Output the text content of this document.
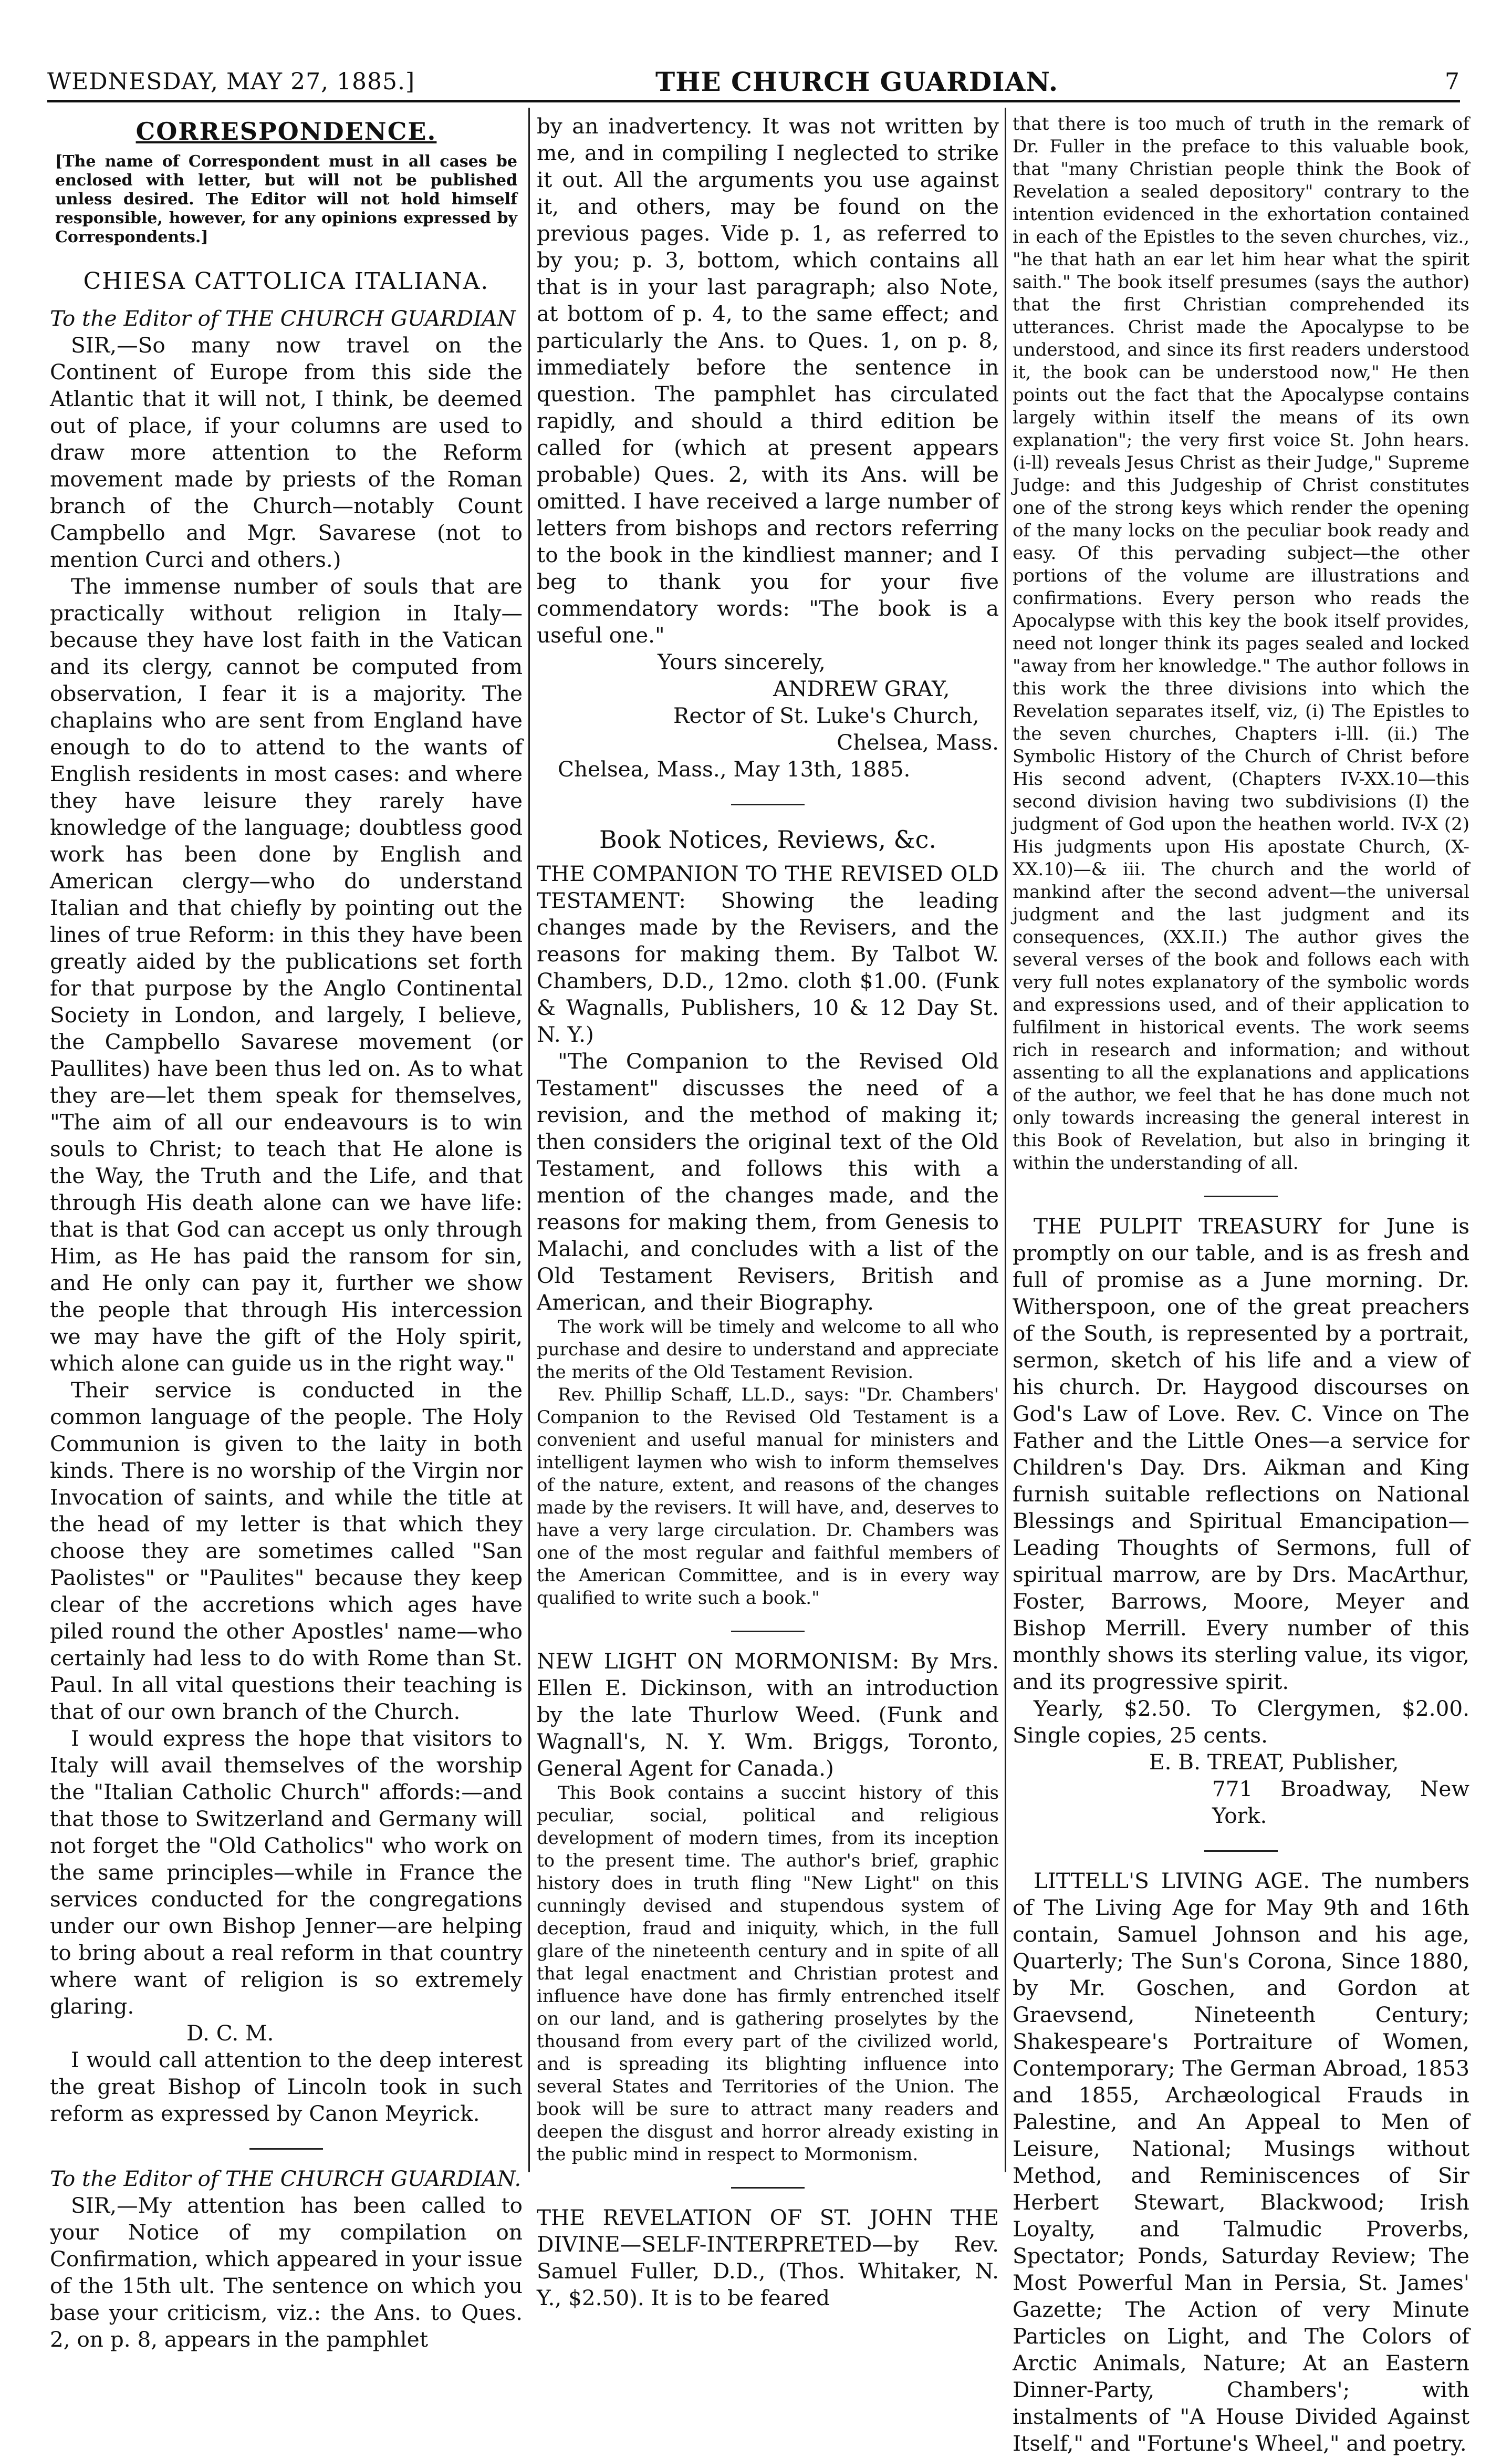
WEDNESDAY, MAY 27, 1885.]	THE CHURCH GUARDIAN.	7

CORRESPONDENCE.

[The name of Correspondent must in all cases be enclosed with letter, but will not be published unless desired. The Editor will not hold himself responsible, however, for any opinions expressed by Correspondents.]

CHIESA CATTOLICA ITALIANA.

To the Editor of THE CHURCH GUARDIAN

SIR,—So many now travel on the Continent of Europe from this side the Atlantic that it will not, I think, be deemed out of place, if your columns are used to draw more attention to the Reform movement made by priests of the Roman branch of the Church—notably Count Campbello and Mgr. Savarese (not to mention Curci and others.)

The immense number of souls that are practically without religion in Italy—because they have lost faith in the Vatican and its clergy, cannot be computed from observation, I fear it is a majority. The chaplains who are sent from England have enough to do to attend to the wants of English residents in most cases: and where they have leisure they rarely have knowledge of the language; doubtless good work has been done by English and American clergy—who do understand Italian and that chiefly by pointing out the lines of true Reform: in this they have been greatly aided by the publications set forth for that purpose by the Anglo Continental Society in London, and largely, I believe, the Campbello Savarese movement (or Paullites) have been thus led on. As to what they are—let them speak for themselves, "The aim of all our endeavours is to win souls to Christ; to teach that He alone is the Way, the Truth and the Life, and that through His death alone can we have life: that is that God can accept us only through Him, as He has paid the ransom for sin, and He only can pay it, further we show the people that through His intercession we may have the gift of the Holy spirit, which alone can guide us in the right way."

Their service is conducted in the common language of the people. The Holy Communion is given to the laity in both kinds. There is no worship of the Virgin nor Invocation of saints, and while the title at the head of my letter is that which they choose they are sometimes called "San Paolistes" or "Paulites" because they keep clear of the accretions which ages have piled round the other Apostles' name—who certainly had less to do with Rome than St. Paul. In all vital questions their teaching is that of our own branch of the Church.

I would express the hope that visitors to Italy will avail themselves of the worship the "Italian Catholic Church" affords:—and that those to Switzerland and Germany will not forget the "Old Catholics" who work on the same principles—while in France the services conducted for the congregations under our own Bishop Jenner—are helping to bring about a real reform in that country where want of religion is so extremely glaring.

D. C. M.

I would call attention to the deep interest the great Bishop of Lincoln took in such reform as expressed by Canon Meyrick.

To the Editor of THE CHURCH GUARDIAN.

SIR,—My attention has been called to your Notice of my compilation on Confirmation, which appeared in your issue of the 15th ult. The sentence on which you base your criticism, viz.: the Ans. to Ques. 2, on p. 8, appears in the pamphlet

by an inadvertency. It was not written by me, and in compiling I neglected to strike it out. All the arguments you use against it, and others, may be found on the previous pages. Vide p. 1, as referred to by you; p. 3, bottom, which contains all that is in your last paragraph; also Note, at bottom of p. 4, to the same effect; and particularly the Ans. to Ques. 1, on p. 8, immediately before the sentence in question. The pamphlet has circulated rapidly, and should a third edition be called for (which at present appears probable) Ques. 2, with its Ans. will be omitted. I have received a large number of letters from bishops and rectors referring to the book in the kindliest manner; and I beg to thank you for your five commendatory words: "The book is a useful one."

Yours sincerely,

ANDREW GRAY,

Rector of St. Luke's Church,

Chelsea, Mass.

Chelsea, Mass., May 13th, 1885.

Book Notices, Reviews, &c.

THE COMPANION TO THE REVISED OLD TESTAMENT: Showing the leading changes made by the Revisers, and the reasons for making them. By Talbot W. Chambers, D.D., 12mo. cloth $1.00. (Funk & Wagnalls, Publishers, 10 & 12 Day St. N. Y.)

"The Companion to the Revised Old Testament" discusses the need of a revision, and the method of making it; then considers the original text of the Old Testament, and follows this with a mention of the changes made, and the reasons for making them, from Genesis to Malachi, and concludes with a list of the Old Testament Revisers, British and American, and their Biography.

The work will be timely and welcome to all who purchase and desire to understand and appreciate the merits of the Old Testament Revision.

Rev. Phillip Schaff, LL.D., says: "Dr. Chambers' Companion to the Revised Old Testament is a convenient and useful manual for ministers and intelligent laymen who wish to inform themselves of the nature, extent, and reasons of the changes made by the revisers. It will have, and, deserves to have a very large circulation. Dr. Chambers was one of the most regular and faithful members of the American Committee, and is in every way qualified to write such a book."

NEW LIGHT ON MORMONISM: By Mrs. Ellen E. Dickinson, with an introduction by the late Thurlow Weed. (Funk and Wagnall's, N. Y. Wm. Briggs, Toronto, General Agent for Canada.)

This Book contains a succint history of this peculiar, social, political and religious development of modern times, from its inception to the present time. The author's brief, graphic history does in truth fling "New Light" on this cunningly devised and stupendous system of deception, fraud and iniquity, which, in the full glare of the nineteenth century and in spite of all that legal enactment and Christian protest and influence have done has firmly entrenched itself on our land, and is gathering proselytes by the thousand from every part of the civilized world, and is spreading its blighting influence into several States and Territories of the Union. The book will be sure to attract many readers and deepen the disgust and horror already existing in the public mind in respect to Mormonism.

THE REVELATION OF ST. JOHN THE DIVINE—SELF-INTERPRETED—by Rev. Samuel Fuller, D.D., (Thos. Whitaker, N. Y., $2.50). It is to be feared

that there is too much of truth in the remark of Dr. Fuller in the preface to this valuable book, that "many Christian people think the Book of Revelation a sealed depository" contrary to the intention evidenced in the exhortation contained in each of the Epistles to the seven churches, viz., "he that hath an ear let him hear what the spirit saith." The book itself presumes (says the author) that the first Christian comprehended its utterances. Christ made the Apocalypse to be understood, and since its first readers understood it, the book can be understood now," He then points out the fact that the Apocalypse contains largely within itself the means of its own explanation"; the very first voice St. John hears. (i-ll) reveals Jesus Christ as their Judge," Supreme Judge: and this Judgeship of Christ constitutes one of the strong keys which render the opening of the many locks on the peculiar book ready and easy. Of this pervading subject—the other portions of the volume are illustrations and confirmations. Every person who reads the Apocalypse with this key the book itself provides, need not longer think its pages sealed and locked "away from her knowledge." The author follows in this work the three divisions into which the Revelation separates itself, viz, (i) The Epistles to the seven churches, Chapters i-lll. (ii.) The Symbolic History of the Church of Christ before His second advent, (Chapters IV-XX.10—this second division having two subdivisions (I) the judgment of God upon the heathen world. IV-X (2) His judgments upon His apostate Church, (X-XX.10)—& iii. The church and the world of mankind after the second advent—the universal judgment and the last judgment and its consequences, (XX.II.) The author gives the several verses of the book and follows each with very full notes explanatory of the symbolic words and expressions used, and of their application to fulfilment in historical events. The work seems rich in research and information; and without assenting to all the explanations and applications of the author, we feel that he has done much not only towards increasing the general interest in this Book of Revelation, but also in bringing it within the understanding of all.

THE PULPIT TREASURY for June is promptly on our table, and is as fresh and full of promise as a June morning. Dr. Witherspoon, one of the great preachers of the South, is represented by a portrait, sermon, sketch of his life and a view of his church. Dr. Haygood discourses on God's Law of Love. Rev. C. Vince on The Father and the Little Ones—a service for Children's Day. Drs. Aikman and King furnish suitable reflections on National Blessings and Spiritual Emancipation—Leading Thoughts of Sermons, full of spiritual marrow, are by Drs. MacArthur, Foster, Barrows, Moore, Meyer and Bishop Merrill. Every number of this monthly shows its sterling value, its vigor, and its progressive spirit.

Yearly, $2.50. To Clergymen, $2.00. Single copies, 25 cents.

E. B. TREAT, Publisher,

771 Broadway, New York.

LITTELL'S LIVING AGE. The numbers of The Living Age for May 9th and 16th contain, Samuel Johnson and his age, Quarterly; The Sun's Corona, Since 1880, by Mr. Goschen, and Gordon at Graevsend, Nineteenth Century; Shakespeare's Portraiture of Women, Contemporary; The German Abroad, 1853 and 1855, Archæological Frauds in Palestine, and An Appeal to Men of Leisure, National; Musings without Method, and Reminiscences of Sir Herbert Stewart, Blackwood; Irish Loyalty, and Talmudic Proverbs, Spectator; Ponds, Saturday Review; The Most Powerful Man in Persia, St. James' Gazette; The Action of very Minute Particles on Light, and The Colors of Arctic Animals, Nature; At an Eastern Dinner-Party, Chambers'; with instalments of "A House Divided Against Itself," and "Fortune's Wheel," and poetry.
